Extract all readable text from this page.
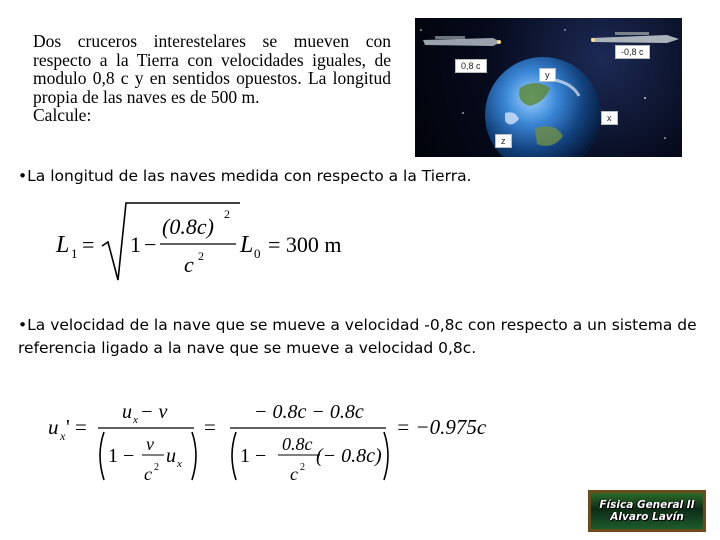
Dos cruceros interestelares se mueven con respecto a la Tierra con velocidades iguales, de modulo 0,8 c y en sentidos opuestos. La longitud propia de las naves es de 500 m.
Calcule:
0,8 c
-0,8 c
y
x
z
•La longitud de las naves medida con respecto a la Tierra.
L 1 = 1 −
(0.8c) 2
c 2 L 0 = 300 m
•La velocidad de la nave que se mueve a velocidad -0,8c con respecto a un sistema de referencia ligado a la nave que se mueve a velocidad 0,8c.
u x ' =
u x − v
1 −
v
c 2
u x
=
− 0.8c − 0.8c
1 −
0.8c
c 2
(− 0.8c)
= −0.975c
Física General II
Alvaro Lavín
